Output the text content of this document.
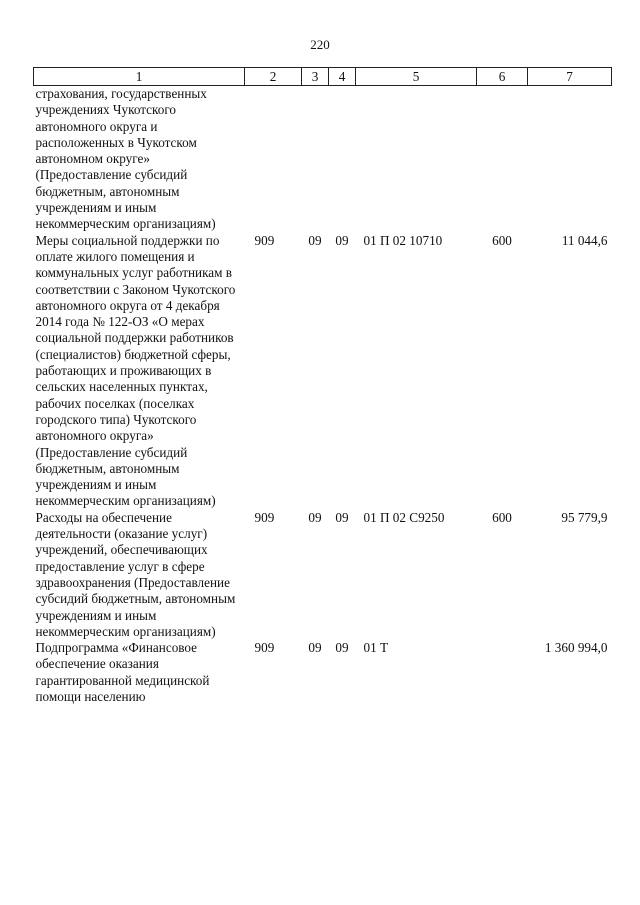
220
1	2	3	4	5	6	7
страхования, государственных учреждениях Чукотского автономного округа и расположенных в Чукотском автономном округе» (Предоставление субсидий бюджетным, автономным учреждениям и иным некоммерческим организациям)						
Меры социальной поддержки по оплате жилого помещения и коммунальных услуг работникам в соответствии с Законом Чукотского автономного округа от 4 декабря 2014 года № 122-ОЗ «О мерах социальной поддержки работников (специалистов) бюджетной сферы, работающих и проживающих в сельских населенных пунктах, рабочих поселках (поселках городского типа) Чукотского автономного округа» (Предоставление субсидий бюджетным, автономным учреждениям и иным некоммерческим организациям)	909	09	09	01 П 02 10710	600	11 044,6
Расходы на обеспечение деятельности (оказание услуг) учреждений, обеспечивающих предоставление услуг в сфере здравоохранения (Предоставление субсидий бюджетным, автономным учреждениям и иным некоммерческим организациям)	909	09	09	01 П 02 С9250	600	95 779,9
Подпрограмма «Финансовое обеспечение оказания гарантированной медицинской помощи населению	909	09	09	01 Т		1 360 994,0
